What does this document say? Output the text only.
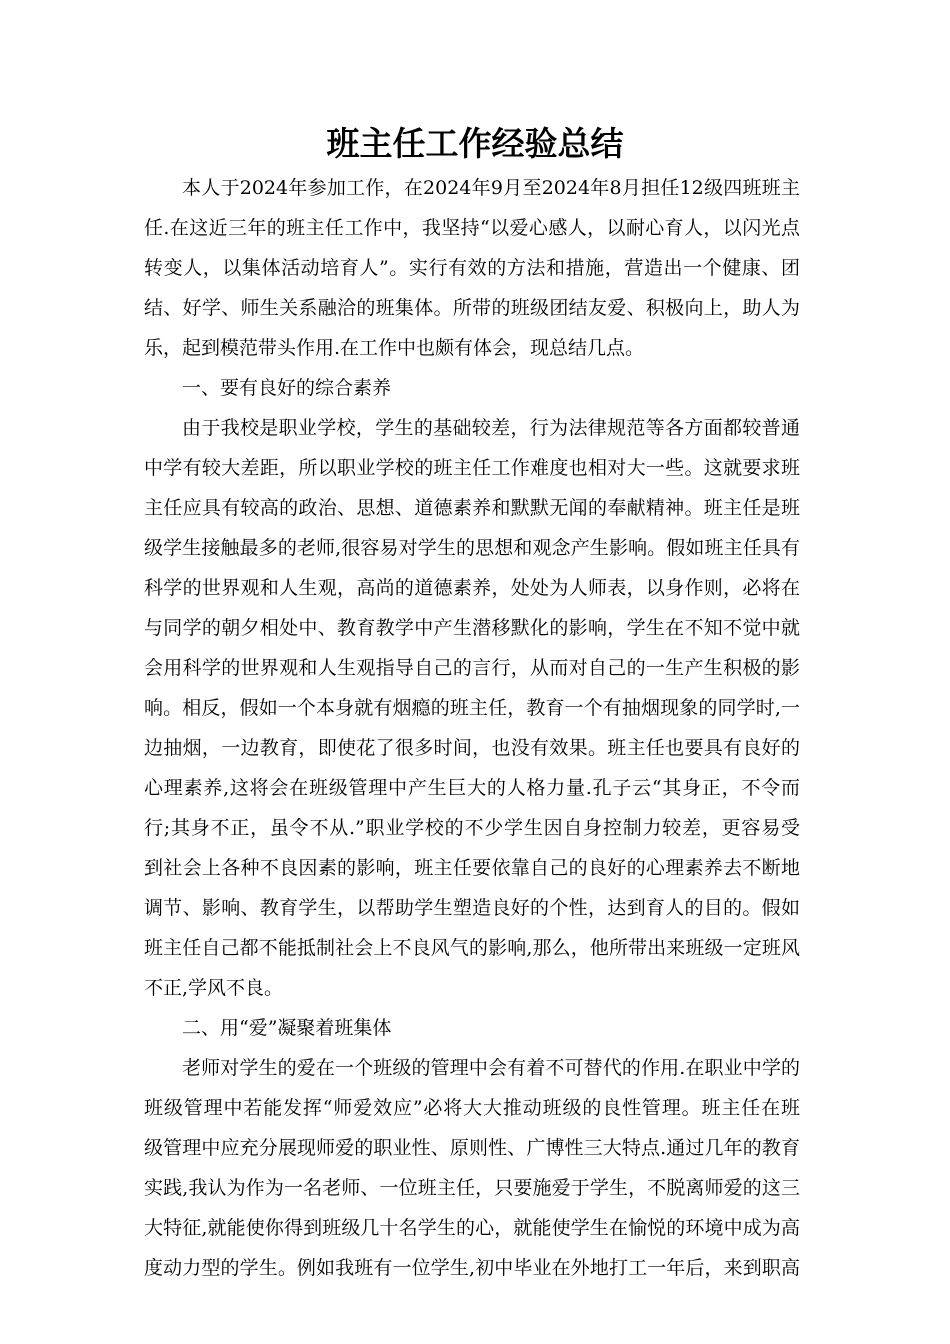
班主任工作经验总结

本人于2024年参加工作，在2024年9月至2024年8月担任12级四班班主

任.在这近三年的班主任工作中，我坚持“以爱心感人，以耐心育人，以闪光点

转变人，以集体活动培育人”。实行有效的方法和措施，营造出一个健康、团

结、好学、师生关系融洽的班集体。所带的班级团结友爱、积极向上，助人为

乐，起到模范带头作用.在工作中也颇有体会，现总结几点。

一、要有良好的综合素养

由于我校是职业学校，学生的基础较差，行为法律规范等各方面都较普通

中学有较大差距，所以职业学校的班主任工作难度也相对大一些。这就要求班

主任应具有较高的政治、思想、道德素养和默默无闻的奉献精神。班主任是班

级学生接触最多的老师,很容易对学生的思想和观念产生影响。假如班主任具有

科学的世界观和人生观，高尚的道德素养，处处为人师表，以身作则，必将在

与同学的朝夕相处中、教育教学中产生潜移默化的影响，学生在不知不觉中就

会用科学的世界观和人生观指导自己的言行，从而对自己的一生产生积极的影

响。相反，假如一个本身就有烟瘾的班主任，教育一个有抽烟现象的同学时,一

边抽烟，一边教育，即使花了很多时间，也没有效果。班主任也要具有良好的

心理素养,这将会在班级管理中产生巨大的人格力量.孔子云“其身正，不令而

行;其身不正，虽令不从.”职业学校的不少学生因自身控制力较差，更容易受

到社会上各种不良因素的影响，班主任要依靠自己的良好的心理素养去不断地

调节、影响、教育学生，以帮助学生塑造良好的个性，达到育人的目的。假如

班主任自己都不能抵制社会上不良风气的影响,那么，他所带出来班级一定班风

不正,学风不良。

二、用“爱”凝聚着班集体

老师对学生的爱在一个班级的管理中会有着不可替代的作用.在职业中学的

班级管理中若能发挥“师爱效应”必将大大推动班级的良性管理。班主任在班

级管理中应充分展现师爱的职业性、原则性、广博性三大特点.通过几年的教育

实践,我认为作为一名老师、一位班主任，只要施爱于学生，不脱离师爱的这三

大特征,就能使你得到班级几十名学生的心，就能使学生在愉悦的环境中成为高

度动力型的学生。例如我班有一位学生,初中毕业在外地打工一年后，来到职高
